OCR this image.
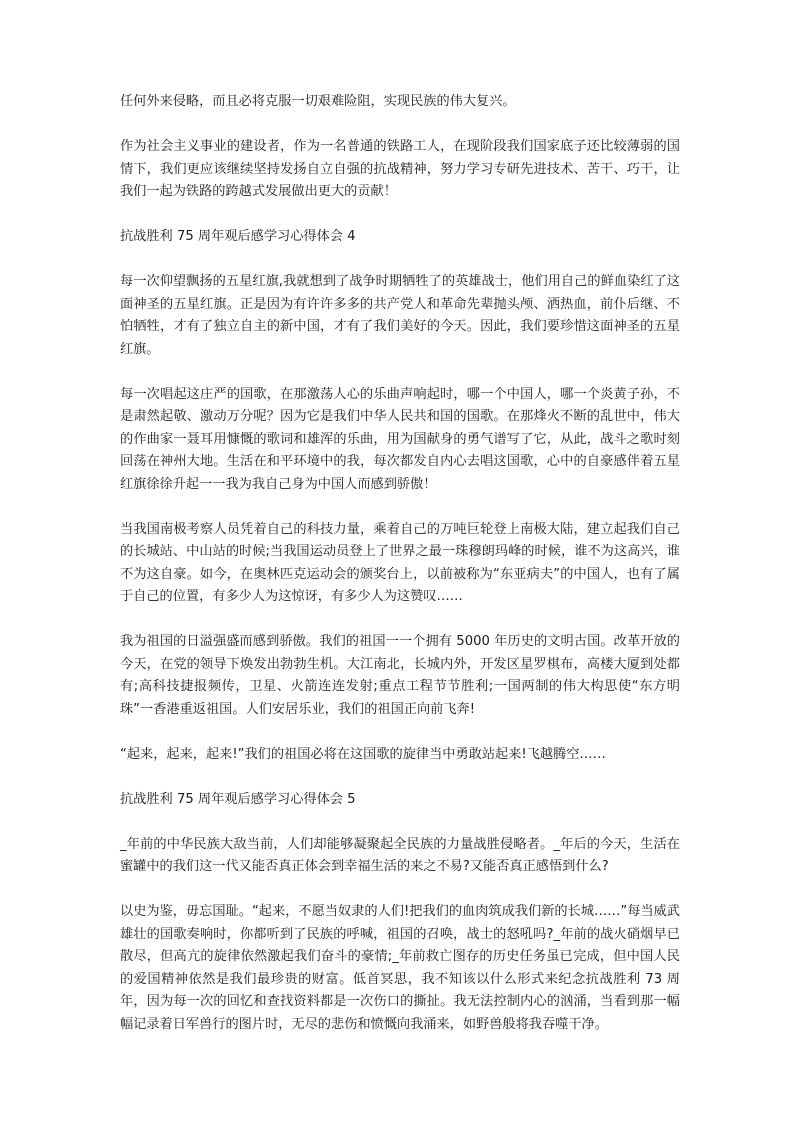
任何外来侵略，而且必将克服一切艰难险阻，实现民族的伟大复兴。

作为社会主义事业的建设者，作为一名普通的铁路工人，在现阶段我们国家底子还比较薄弱的国情下，我们更应该继续坚持发扬自立自强的抗战精神，努力学习专研先进技术、苦干、巧干，让我们一起为铁路的跨越式发展做出更大的贡献！

抗战胜利 75 周年观后感学习心得体会 4

每一次仰望飘扬的五星红旗,我就想到了战争时期牺牲了的英雄战士，他们用自己的鲜血染红了这面神圣的五星红旗。正是因为有许许多多的共产党人和革命先辈抛头颅、洒热血，前仆后继、不怕牺牲，才有了独立自主的新中国，才有了我们美好的今天。因此，我们要珍惜这面神圣的五星红旗。

每一次唱起这庄严的国歌，在那激荡人心的乐曲声响起时，哪一个中国人，哪一个炎黄子孙，不是肃然起敬、激动万分呢？因为它是我们中华人民共和国的国歌。在那烽火不断的乱世中，伟大的作曲家一聂耳用慷慨的歌词和雄浑的乐曲，用为国献身的勇气谱写了它，从此，战斗之歌时刻回荡在神州大地。生活在和平环境中的我，每次都发自内心去唱这国歌，心中的自豪感伴着五星红旗徐徐升起一一我为我自己身为中国人而感到骄傲！

当我国南极考察人员凭着自己的科技力量，乘着自己的万吨巨轮登上南极大陆，建立起我们自己的长城站、中山站的时候;当我国运动员登上了世界之最一珠穆朗玛峰的时候，谁不为这高兴，谁不为这自豪。如今，在奥林匹克运动会的颁奖台上，以前被称为“东亚病夫”的中国人，也有了属于自己的位置，有多少人为这惊讶，有多少人为这赞叹……

我为祖国的日溢强盛而感到骄傲。我们的祖国一一个拥有 5000 年历史的文明古国。改革开放的今天，在党的领导下焕发出勃勃生机。大江南北，长城内外，开发区星罗棋布，高楼大厦到处都有;高科技捷报频传，卫星、火箭连连发射;重点工程节节胜利;一国两制的伟大构思使“东方明珠”一香港重返祖国。人们安居乐业，我们的祖国正向前飞奔!

“起来，起来，起来!”我们的祖国必将在这国歌的旋律当中勇敢站起来!飞越腾空……

抗战胜利 75 周年观后感学习心得体会 5

_年前的中华民族大敌当前，人们却能够凝聚起全民族的力量战胜侵略者。_年后的今天，生活在蜜罐中的我们这一代又能否真正体会到幸福生活的来之不易?又能否真正感悟到什么?

以史为鉴，毋忘国耻。“起来，不愿当奴隶的人们!把我们的血肉筑成我们新的长城……”每当威武雄壮的国歌奏响时，你都听到了民族的呼喊，祖国的召唤，战士的怒吼吗?_年前的战火硝烟早已散尽，但高亢的旋律依然激起我们奋斗的豪情;_年前救亡图存的历史任务虽已完成，但中国人民的爱国精神依然是我们最珍贵的财富。低首冥思，我不知该以什么形式来纪念抗战胜利 73 周年，因为每一次的回忆和查找资料都是一次伤口的撕扯。我无法控制内心的汹涌，当看到那一幅幅记录着日军兽行的图片时，无尽的悲伤和愤慨向我涌来，如野兽般将我吞噬干净。
